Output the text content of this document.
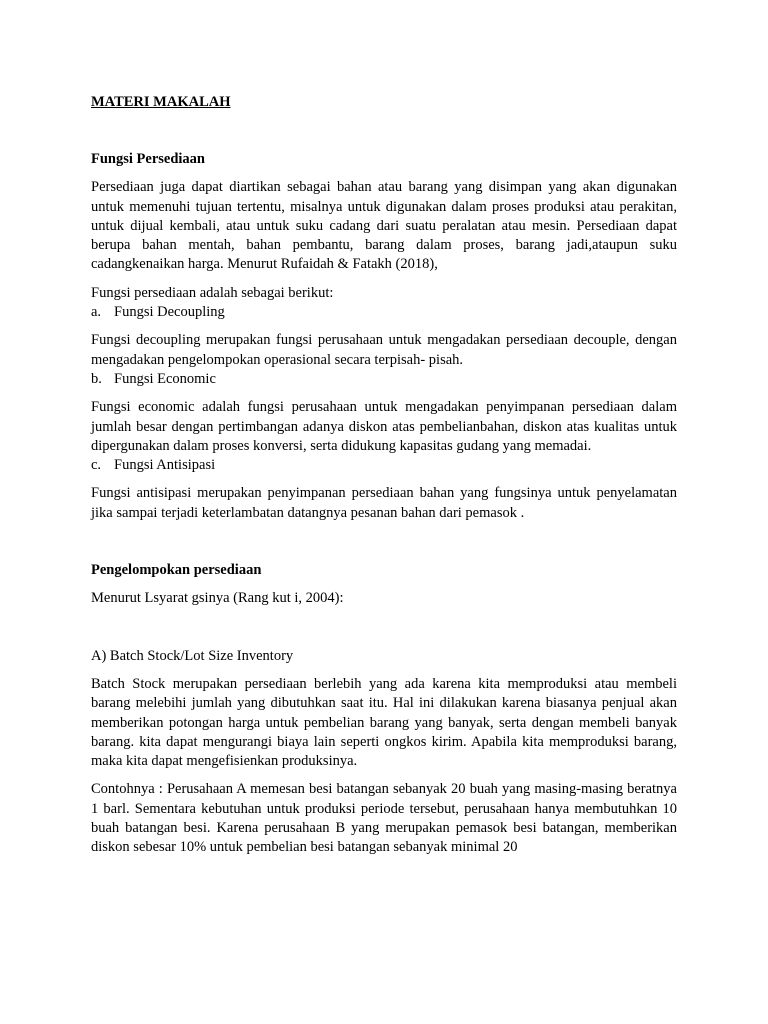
MATERI MAKALAH
Fungsi Persediaan

Persediaan juga dapat diartikan sebagai bahan atau barang yang disimpan yang akan digunakan untuk memenuhi tujuan tertentu, misalnya untuk digunakan dalam proses produksi atau perakitan, untuk dijual kembali, atau untuk suku cadang dari suatu peralatan atau mesin. Persediaan dapat berupa bahan mentah, bahan pembantu, barang dalam proses, barang jadi,ataupun suku cadangkenaikan harga. Menurut Rufaidah & Fatakh (2018),

Fungsi persediaan adalah sebagai berikut:

a. Fungsi Decoupling

Fungsi decoupling merupakan fungsi perusahaan untuk mengadakan persediaan decouple, dengan mengadakan pengelompokan operasional secara terpisah- pisah.

b. Fungsi Economic

Fungsi economic adalah fungsi perusahaan untuk mengadakan penyimpanan persediaan dalam jumlah besar dengan pertimbangan adanya diskon atas pembelianbahan, diskon atas kualitas untuk dipergunakan dalam proses konversi, serta didukung kapasitas gudang yang memadai.

c. Fungsi Antisipasi

Fungsi antisipasi merupakan penyimpanan persediaan bahan yang fungsinya untuk penyelamatan jika sampai terjadi keterlambatan datangnya pesanan bahan dari pemasok .

Pengelompokan persediaan

Menurut Lsyarat gsinya (Rang kut i, 2004):

A) Batch Stock/Lot Size Inventory

Batch Stock merupakan persediaan berlebih yang ada karena kita memproduksi atau membeli barang melebihi jumlah yang dibutuhkan saat itu. Hal ini dilakukan karena biasanya penjual akan memberikan potongan harga untuk pembelian barang yang banyak, serta dengan membeli banyak barang. kita dapat mengurangi biaya lain seperti ongkos kirim. Apabila kita memproduksi barang, maka kita dapat mengefisienkan produksinya.

Contohnya : Perusahaan A memesan besi batangan sebanyak 20 buah yang masing-masing beratnya 1 barl. Sementara kebutuhan untuk produksi periode tersebut, perusahaan hanya membutuhkan 10 buah batangan besi. Karena perusahaan B yang merupakan pemasok besi batangan, memberikan diskon sebesar 10% untuk pembelian besi batangan sebanyak minimal 20
